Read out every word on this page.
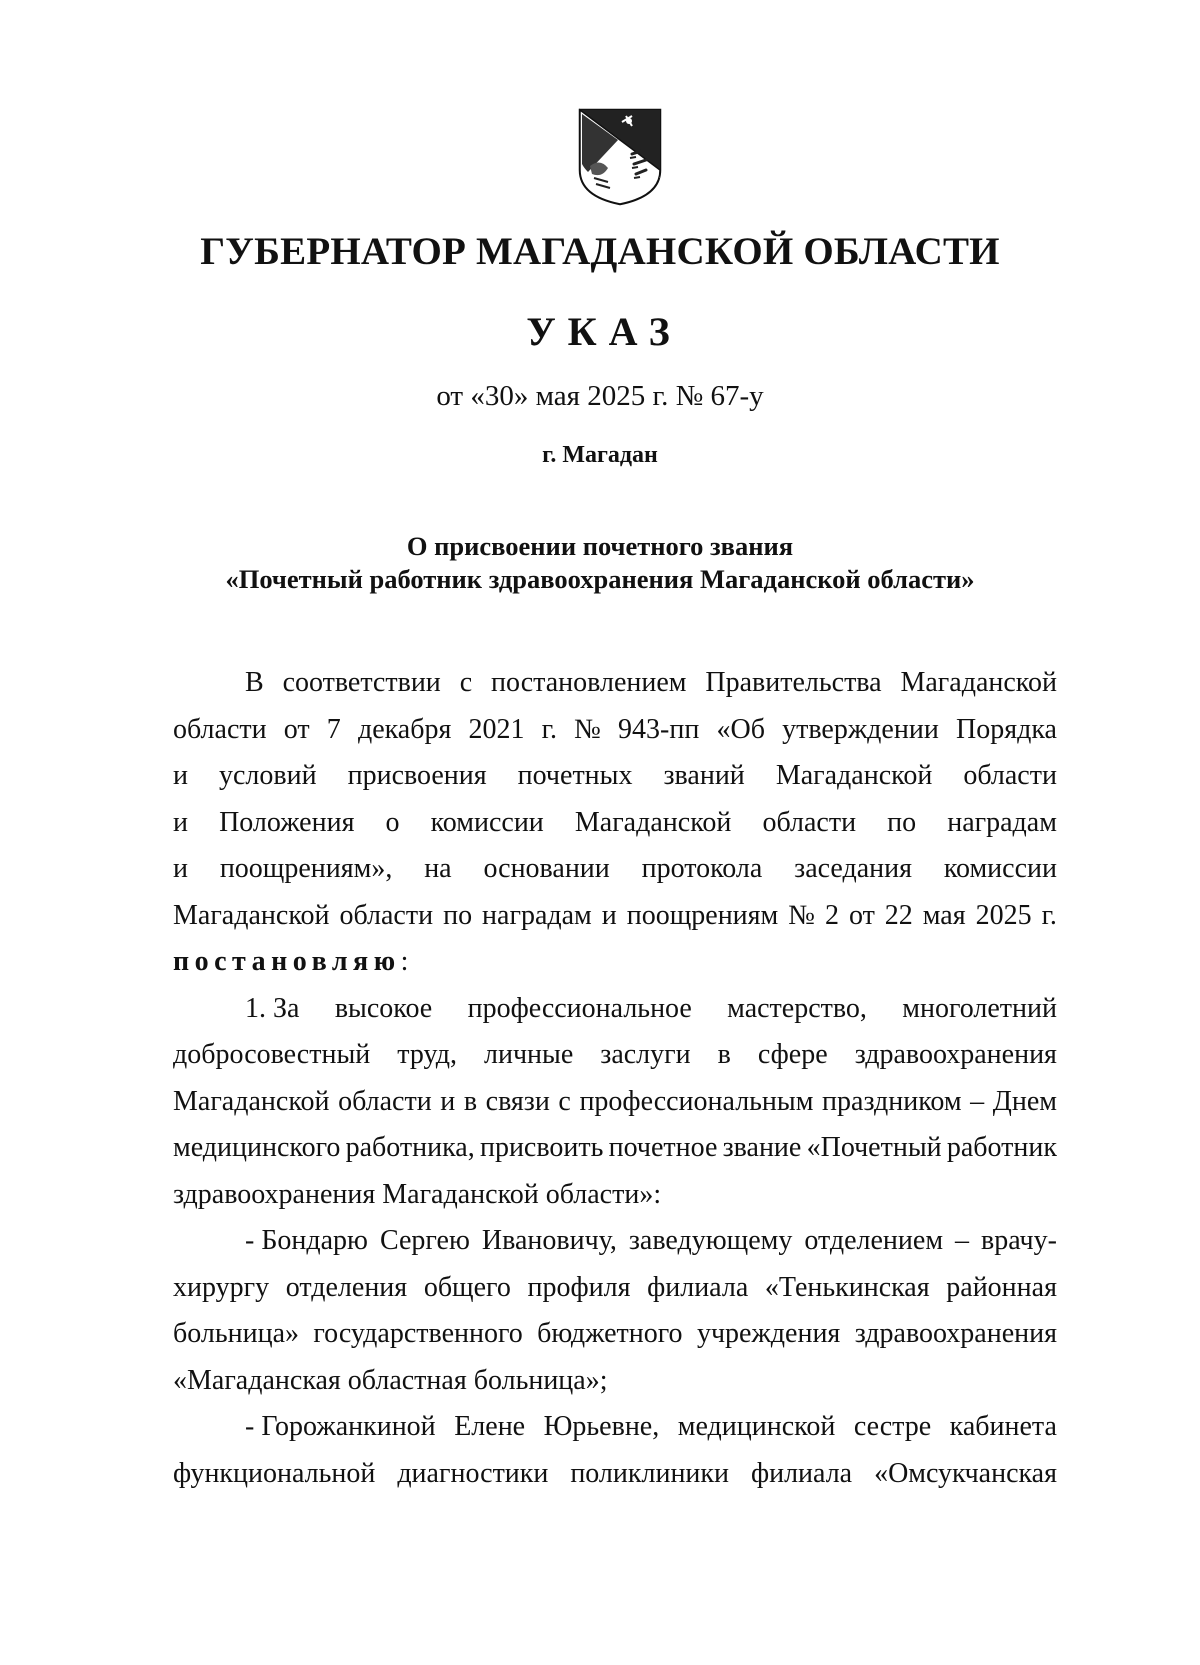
ГУБЕРНАТОР МАГАДАНСКОЙ ОБЛАСТИ
УКАЗ
от «30» мая 2025 г. № 67-у
г. Магадан
О присвоении почетного звания
«Почетный работник здравоохранения Магаданской области»
В соответствии с постановлением Правительства Магаданской
области от 7 декабря 2021 г. № 943-пп «Об утверждении Порядка
и условий присвоения почетных званий Магаданской области
и Положения о комиссии Магаданской области по наградам
и поощрениям», на основании протокола заседания комиссии
Магаданской области по наградам и поощрениям № 2 от 22 мая 2025 г.
постановляю :
1. За высокое профессиональное мастерство, многолетний
добросовестный труд, личные заслуги в сфере здравоохранения
Магаданской области и в связи с профессиональным праздником – Днем
медицинского работника, присвоить почетное звание «Почетный работник
здравоохранения Магаданской области»:
- Бондарю Сергею Ивановичу, заведующему отделением – врачу-
хирургу отделения общего профиля филиала «Тенькинская районная
больница» государственного бюджетного учреждения здравоохранения
«Магаданская областная больница»;
- Горожанкиной Елене Юрьевне, медицинской сестре кабинета
функциональной диагностики поликлиники филиала «Омсукчанская
